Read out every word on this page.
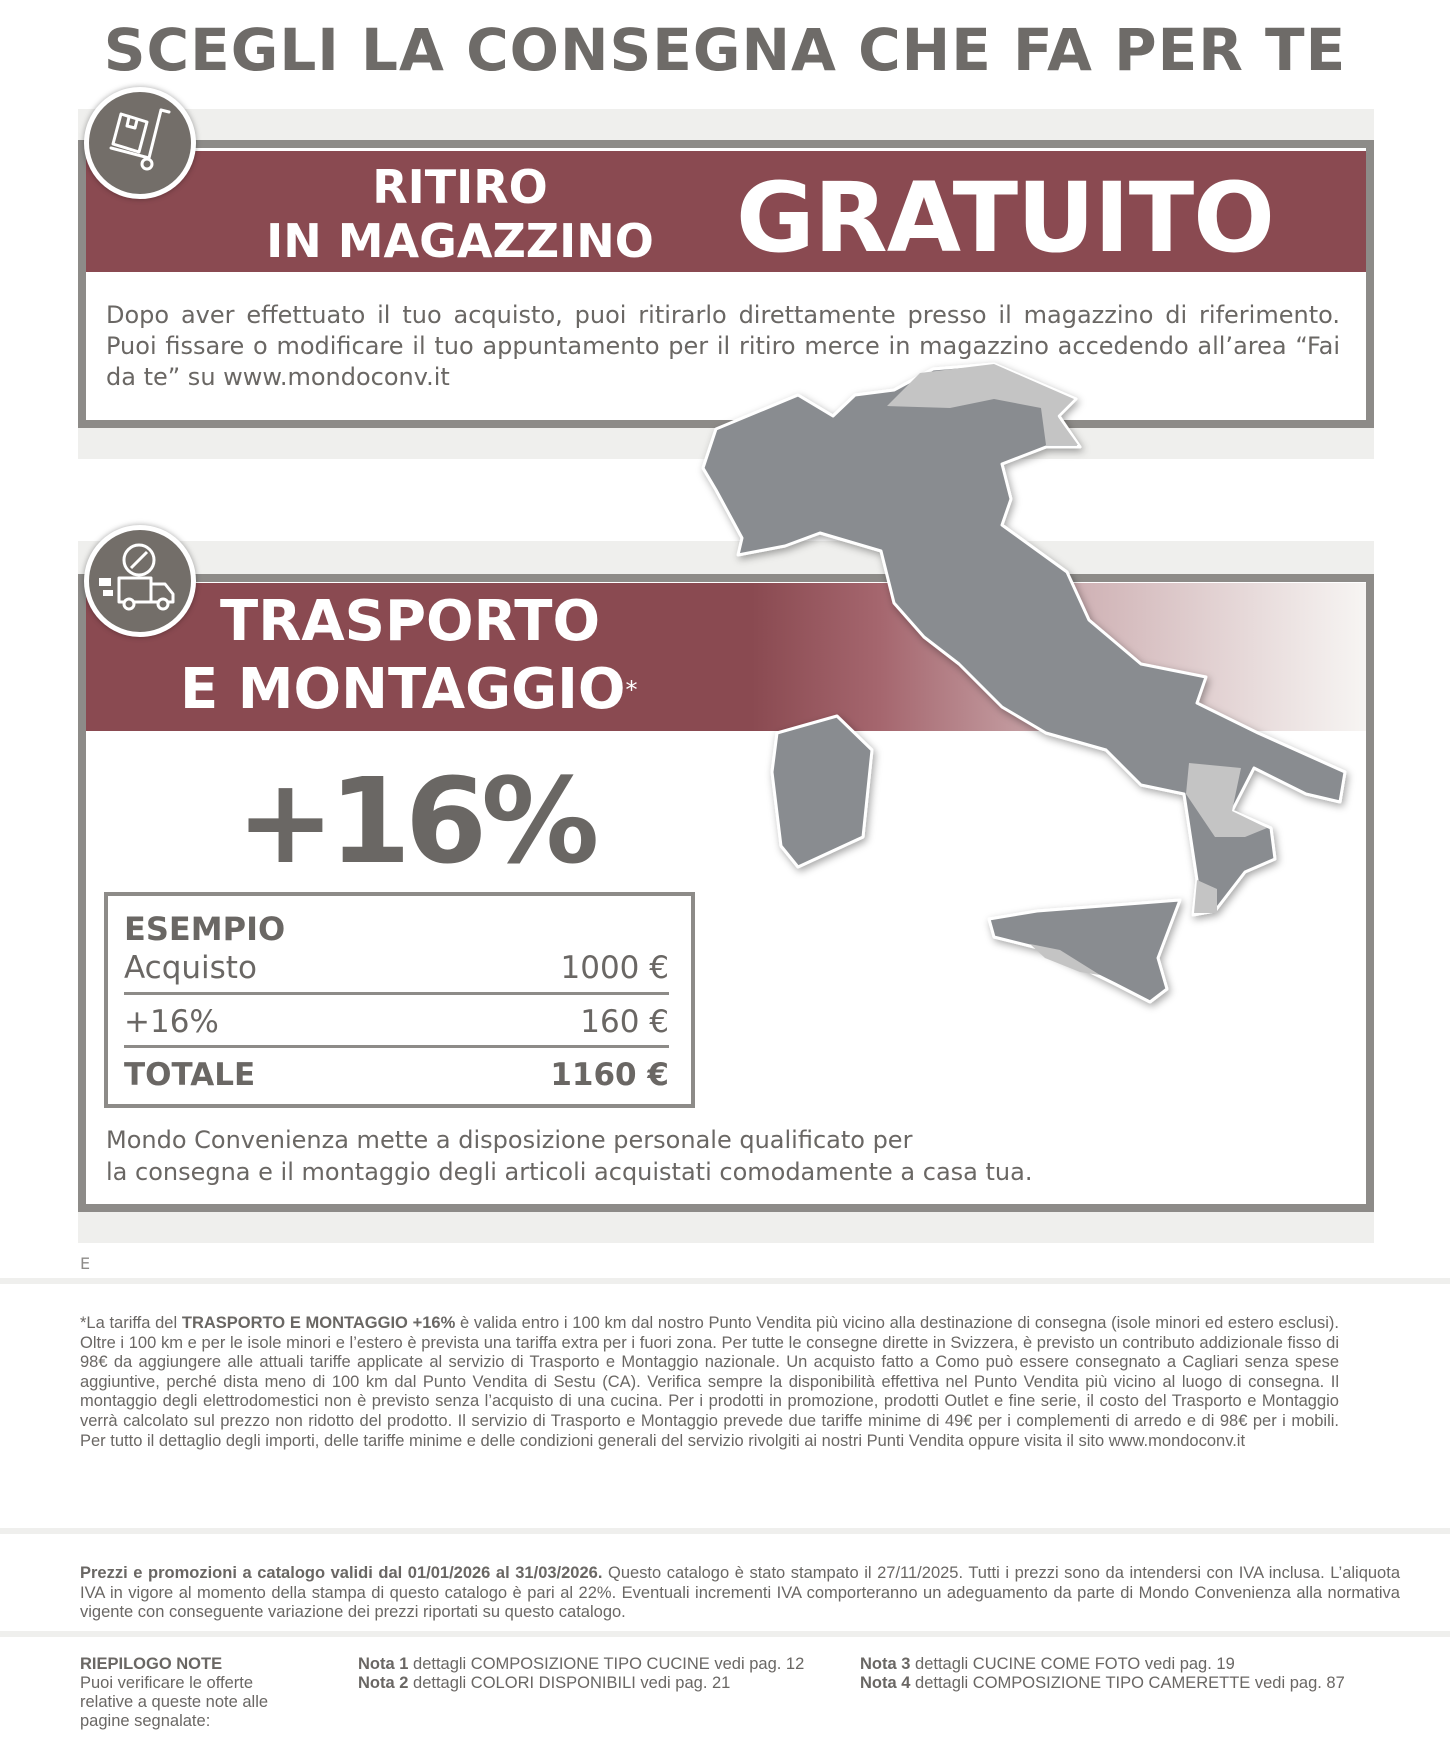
SCEGLI LA CONSEGNA CHE FA PER TE
RITIRO
IN MAGAZZINO GRATUITO
Dopo aver effettuato il tuo acquisto, puoi ritirarlo direttamente presso il magazzino di riferimento. Puoi fissare o modificare il tuo appuntamento per il ritiro merce in magazzino accedendo all’area “Fai da te” su www.mondoconv.it
TRASPORTO
E MONTAGGIO*
+16%
ESEMPIO
Acquisto	1000 €
+16%	160 €
TOTALE	1160 €
Mondo Convenienza mette a disposizione personale qualificato per
la consegna e il montaggio degli articoli acquistati comodamente a casa tua.
E
*La tariffa del TRASPORTO E MONTAGGIO +16% è valida entro i 100 km dal nostro Punto Vendita più vicino alla destinazione di consegna (isole minori ed estero esclusi). Oltre i 100 km e per le isole minori e l’estero è prevista una tariffa extra per i fuori zona. Per tutte le consegne dirette in Svizzera, è previsto un contributo addizionale fisso di 98€ da aggiungere alle attuali tariffe applicate al servizio di Trasporto e Montaggio nazionale. Un acquisto fatto a Como può essere consegnato a Cagliari senza spese aggiuntive, perché dista meno di 100 km dal Punto Vendita di Sestu (CA). Verifica sempre la disponibilità effettiva nel Punto Vendita più vicino al luogo di consegna. Il montaggio degli elettrodomestici non è previsto senza l’acquisto di una cucina. Per i prodotti in promozione, prodotti Outlet e fine serie, il costo del Trasporto e Montaggio verrà calcolato sul prezzo non ridotto del prodotto. Il servizio di Trasporto e Montaggio prevede due tariffe minime di 49€ per i complementi di arredo e di 98€ per i mobili. Per tutto il dettaglio degli importi, delle tariffe minime e delle condizioni generali del servizio rivolgiti ai nostri Punti Vendita oppure visita il sito www.mondoconv.it
Prezzi e promozioni a catalogo validi dal 01/01/2026 al 31/03/2026. Questo catalogo è stato stampato il 27/11/2025. Tutti i prezzi sono da intendersi con IVA inclusa. L’aliquota IVA in vigore al momento della stampa di questo catalogo è pari al 22%. Eventuali incrementi IVA comporteranno un adeguamento da parte di Mondo Convenienza alla normativa vigente con conseguente variazione dei prezzi riportati su questo catalogo.
RIEPILOGO NOTE
Puoi verificare le offerte relative a queste note alle pagine segnalate:
Nota 1 dettagli COMPOSIZIONE TIPO CUCINE vedi pag. 12
Nota 2 dettagli COLORI DISPONIBILI vedi pag. 21
Nota 3 dettagli CUCINE COME FOTO vedi pag. 19
Nota 4 dettagli COMPOSIZIONE TIPO CAMERETTE vedi pag. 87
